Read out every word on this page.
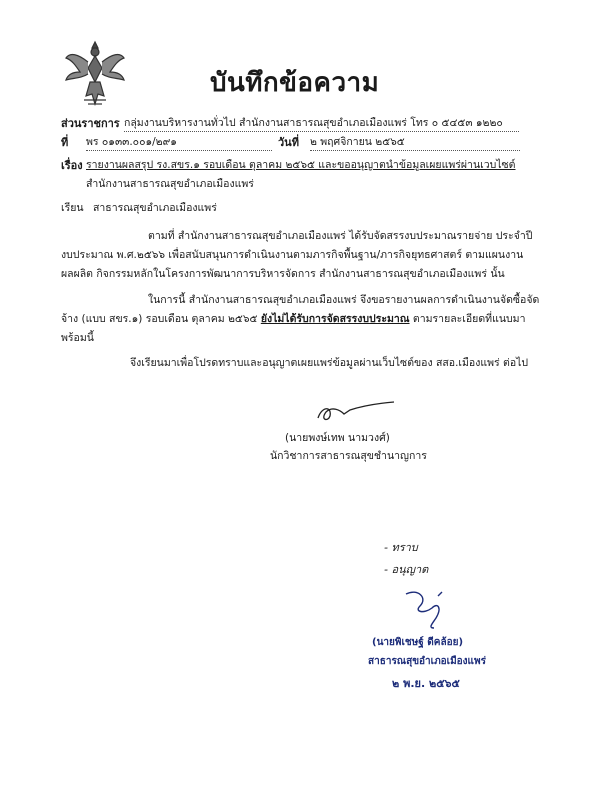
บันทึกข้อความ
ส่วนราชการ กลุ่มงานบริหารงานทั่วไป สำนักงานสาธารณสุขอำเภอเมืองแพร่ โทร ๐ ๕๔๕๓ ๑๒๒๐
ที่ พร ๐๑๓๓.๐๐๑/๒๙๑	วันที่ ๒ พฤศจิกายน ๒๕๖๕
เรื่อง รายงานผลสรุป รง.สขร.๑ รอบเดือน ตุลาคม ๒๕๖๕ และขออนุญาตนำข้อมูลเผยแพร่ผ่านเวบไซต์
สำนักงานสาธารณสุขอำเภอเมืองแพร่
เรียน สาธารณสุขอำเภอเมืองแพร่
ตามที่ สำนักงานสาธารณสุขอำเภอเมืองแพร่ ได้รับจัดสรรงบประมาณรายจ่าย ประจำปี
งบประมาณ พ.ศ.๒๕๖๖ เพื่อสนับสนุนการดำเนินงานตามภารกิจพื้นฐาน/ภารกิจยุทธศาสตร์ ตามแผนงาน
ผลผลิต กิจกรรมหลักในโครงการพัฒนาการบริหารจัดการ สำนักงานสาธารณสุขอำเภอเมืองแพร่ นั้น
ในการนี้ สำนักงานสาธารณสุขอำเภอเมืองแพร่ จึงขอรายงานผลการดำเนินงานจัดซื้อจัด
จ้าง (แบบ สขร.๑) รอบเดือน ตุลาคม ๒๕๖๕ ยังไม่ได้รับการจัดสรรงบประมาณ ตามรายละเอียดที่แนบมา
พร้อมนี้
จึงเรียนมาเพื่อโปรดทราบและอนุญาตเผยแพร่ข้อมูลผ่านเว็บไซต์ของ สสอ.เมืองแพร่ ต่อไป
(นายพงษ์เทพ นามวงศ์)
นักวิชาการสาธารณสุขชำนาญการ
- ทราบ
- อนุญาต
(นายพิเชษฐ์ ดีคล้อย)
สาธารณสุขอำเภอเมืองแพร่
๒ พ.ย. ๒๕๖๕
